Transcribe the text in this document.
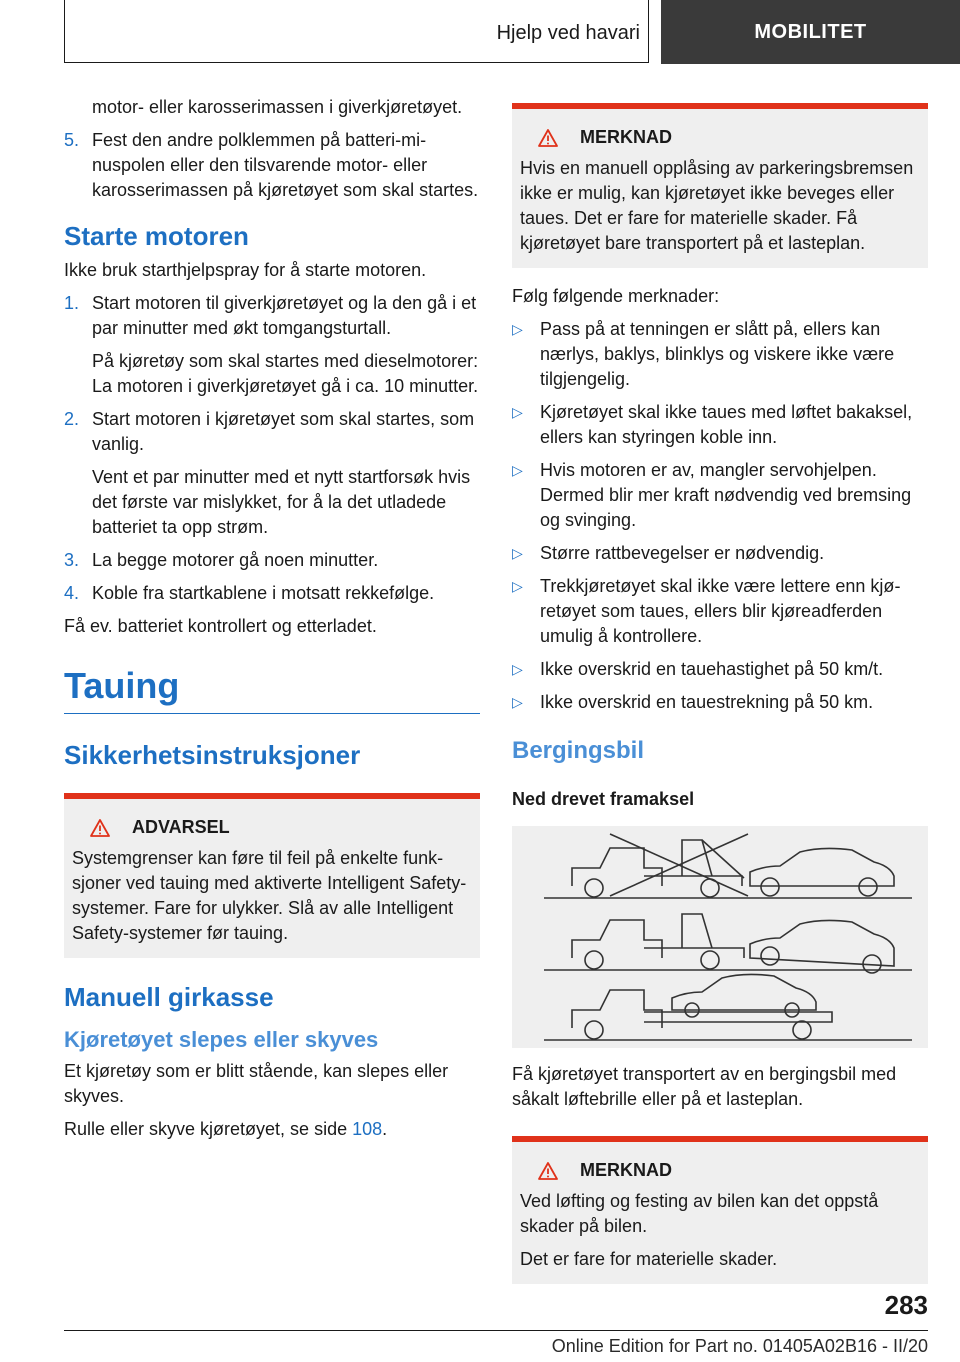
Hjelp ved havari	MOBILITET

motor- eller karosserimassen i giverkjøretøyet.

5. Fest den andre polklemmen på batteri-minuspolen eller den tilsvarende motor- eller karosserimassen på kjøretøyet som skal startes.

Starte motoren

Ikke bruk starthjelpspray for å starte motoren.

1. Start motoren til giverkjøretøyet og la den gå i et par minutter med økt tomgangsturtall.

På kjøretøy som skal startes med dieselmotorer: La motoren i giverkjøretøyet gå i ca. 10 minutter.

2. Start motoren i kjøretøyet som skal startes, som vanlig.

Vent et par minutter med et nytt startforsøk hvis det første var mislykket, for å la det utladede batteriet ta opp strøm.

3. La begge motorer gå noen minutter.

4. Koble fra startkablene i motsatt rekkefølge.

Få ev. batteriet kontrollert og etterladet.

Tauing
Sikkerhetsinstruksjoner
ADVARSEL

Systemgrenser kan føre til feil på enkelte funksjoner ved tauing med aktiverte Intelligent Safety-systemer. Fare for ulykker. Slå av alle Intelligent Safety-systemer før tauing.

Manuell girkasse
Kjøretøyet slepes eller skyves

Et kjøretøy som er blitt stående, kan slepes eller skyves.

Rulle eller skyve kjøretøyet, se side 108.

MERKNAD

Hvis en manuell opplåsing av parkeringsbremsen ikke er mulig, kan kjøretøyet ikke beveges eller taues. Det er fare for materielle skader. Få kjøretøyet bare transportert på et lasteplan.

Følg følgende merknader:

▷ Pass på at tenningen er slått på, ellers kan nærlys, baklys, blinklys og viskere ikke være tilgjengelig.

▷ Kjøretøyet skal ikke taues med løftet bakaksel, ellers kan styringen koble inn.

▷ Hvis motoren er av, mangler servohjelpen. Dermed blir mer kraft nødvendig ved bremsing og svinging.

▷ Større rattbevegelser er nødvendig.

▷ Trekkjøretøyet skal ikke være lettere enn kjøretøyet som taues, ellers blir kjøreadferden umulig å kontrollere.

▷ Ikke overskrid en tauehastighet på 50 km/t.

▷ Ikke overskrid en tauestrekning på 50 km.

Bergingsbil
Ned drevet framaksel

Få kjøretøyet transportert av en bergingsbil med såkalt løftebrille eller på et lasteplan.

MERKNAD

Ved løfting og festing av bilen kan det oppstå skader på bilen.

Det er fare for materielle skader.

283
Online Edition for Part no. 01405A02B16 - II/20
